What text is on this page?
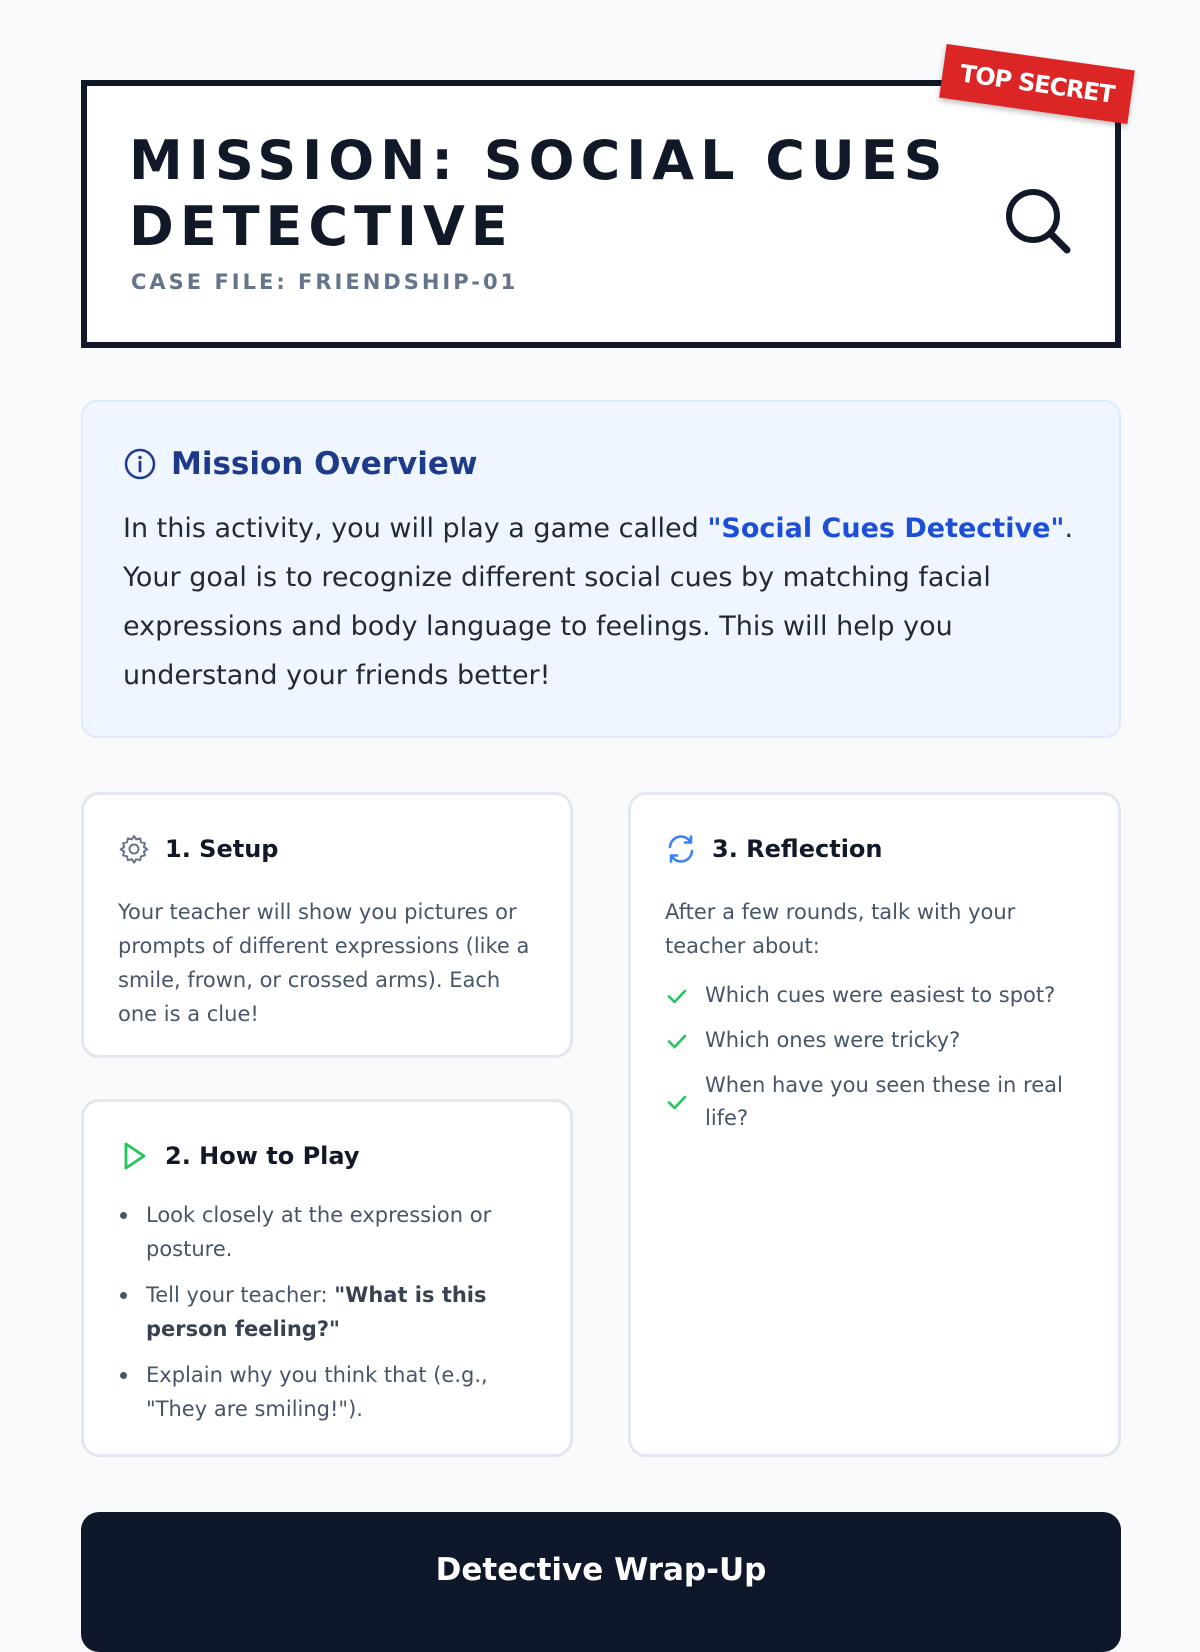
MISSION: SOCIAL CUES DETECTIVE
CASE FILE: FRIENDSHIP-01
TOP SECRET
Mission Overview

In this activity, you will play a game called "Social Cues Detective". Your goal is to recognize different social cues by matching facial expressions and body language to feelings. This will help you understand your friends better!

1. Setup
Your teacher will show you pictures or prompts of different expressions (like a smile, frown, or crossed arms). Each one is a clue!
2. How to Play
Look closely at the expression or posture.
Tell your teacher: "What is this person feeling?"
Explain why you think that (e.g., "They are smiling!").
3. Reflection
After a few rounds, talk with your teacher about:
Which cues were easiest to spot?
Which ones were tricky?
When have you seen these in real life?
Detective Wrap-Up
